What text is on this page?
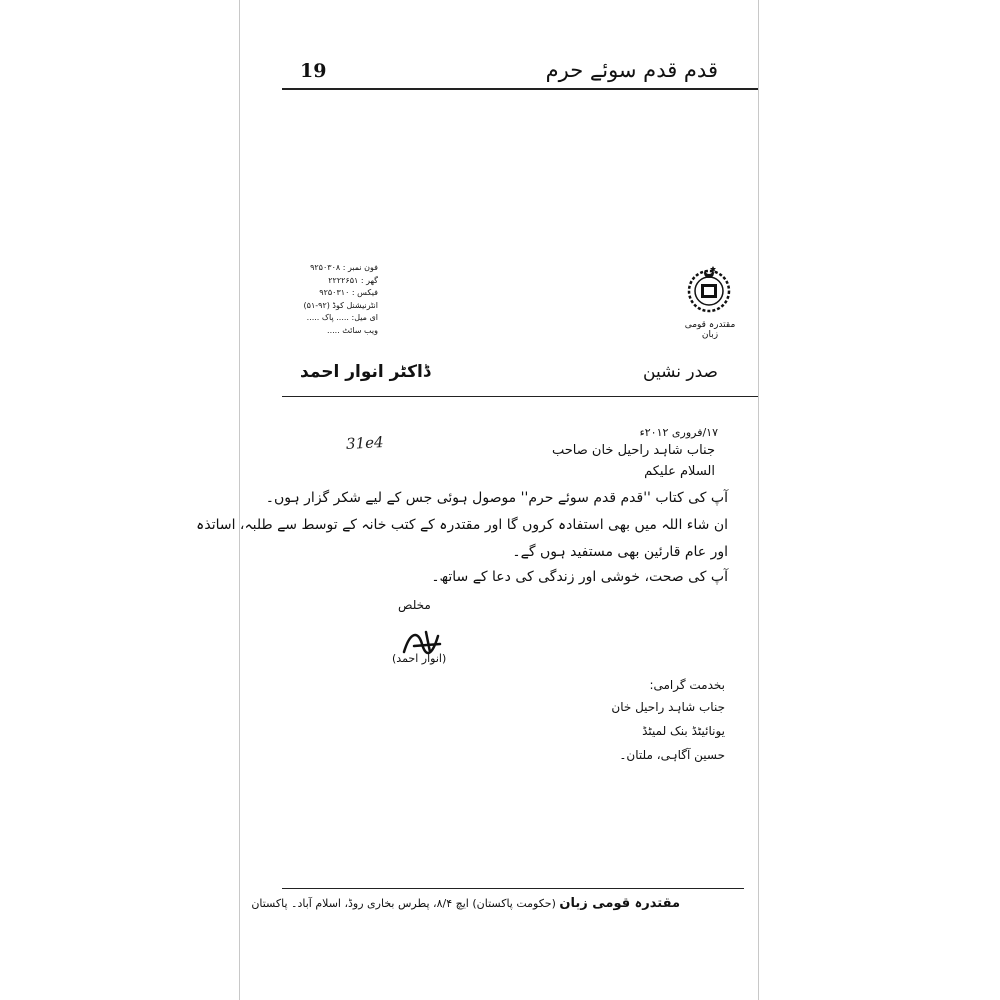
19	قدم قدم سوئے حرم
مقتدرہ قومی زبان
فون نمبر : ۹۲۵۰۳۰۸
گھر : ۲۲۲۲۶۵۱
فیکس : ۹۲۵۰۳۱۰
انٹرنیشنل کوڈ (۹۲-۵۱)
ای میل: ..... پاک .....
ویب سائٹ .....
ڈاکٹر انوار احمد	صدر نشین
۱۷/فروری ۲۰۱۲ء
31e4	جناب شاہد راحیل خان صاحب
السلام علیکم
آپ کی کتاب ''قدم قدم سوئے حرم'' موصول ہوئی جس کے لیے شکر گزار ہوں۔
ان شاء اللہ میں بھی استفادہ کروں گا اور مقتدرہ کے کتب خانہ کے توسط سے طلبہ، اساتذہ
اور عام قارئین بھی مستفید ہوں گے۔
آپ کی صحت، خوشی اور زندگی کی دعا کے ساتھ۔
مخلص
(انوار احمد)
بخدمت گرامی:
جناب شاہد راحیل خان
یونائیٹڈ بنک لمیٹڈ
حسین آگاہی، ملتان۔
مقتدرہ قومی زبان (حکومت پاکستان) ایچ ۸/۴، پطرس بخاری روڈ، اسلام آباد۔ پاکستان
